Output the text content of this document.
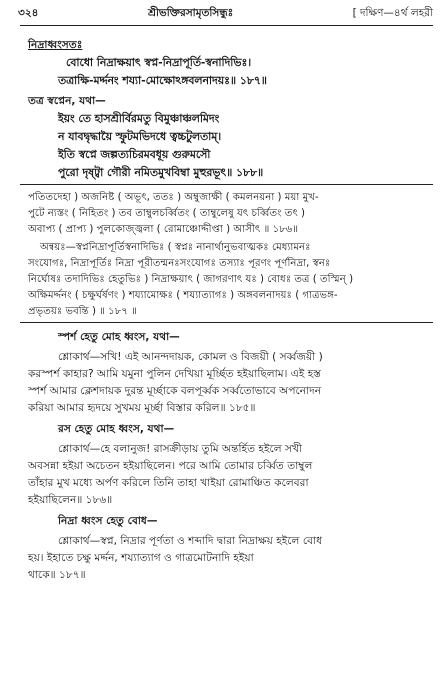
৩২৪	শ্রীভক্তিরসামৃতসিন্ধুঃ	[ দক্ষিণ—৪র্থ লহরী
নিদ্রাধ্বংসতঃ
বোধো নিদ্রাক্ষয়াৎ স্বপ্ন-নিদ্রাপূর্তি-স্বনাদিভিঃ।
তত্রাক্ষি-মর্দ্দনং শয্যা-মোক্ষোঽঙ্গবলনাদয়ঃ॥ ১৮৭॥
তত্র স্বপ্নেন, যথা—
ইয়ং তে হাসশ্রীর্বিরমতু বিমুঞ্চাঞ্চলমিদং
ন যাবদ্বৃদ্ধায়ৈ স্ফুটমভিদধে ত্বচ্চটুলতাম্।
ইতি স্বপ্নে জল্পত্যচিরমবধূয় গুরুমসৌ
পুরো দৃষ্ট্বা গৌরী নমিতমুখবিম্বা মুহুরভূৎ॥ ১৮৮॥
পতিতদেহা ) অজনিষ্ট ( অভূৎ, ততঃ ) অম্বুজাক্ষী ( কমলনয়না ) ময়া মুখ-
পুটে ন্যস্তং ( নিহিতং ) তব তাম্বুলচর্ব্বিতং ( তাম্বুলেষু যৎ চর্ব্বিতং তৎ )
অবাপ্য ( প্রাপ্য ) পুলকোজ্জ্বলা ( রোমাঞ্চোদ্দীপ্তা ) আসীৎ ॥ ১৮৬॥
অন্বয়ঃ—স্বপ্ননিদ্রাপূর্তিস্বনাদিভিঃ ( স্বপ্নঃ নানার্থানুভবাত্মকঃ মেধ্যামনঃ
সংযোগঃ, নিদ্রাপূর্তিঃ নিদ্রা পূরীতন্মনঃসংযোগঃ তস্যাঃ পূরণং পূর্ণনিদ্রা, স্বনঃ
নির্ঘোষঃ তদাদিভিঃ হেতুভিঃ ) নিদ্রাক্ষয়াৎ ( জাগরণাৎ যঃ ) বোধঃ তত্র ( তস্মিন্ )
অক্ষিমর্দ্দনং ( চক্ষুর্ঘর্ষণং ) শয্যামোক্ষঃ ( শয্যাত্যাগঃ ) অঙ্গবলনাদয়ঃ ( গাত্রভঙ্গ-
প্রভৃতয়ঃ ভবন্তি ) ॥ ১৮৭ ॥
স্পর্শ হেতু মোহ ধ্বংস, যথা—
শ্লোকার্থ—সখি! এই আনন্দদায়ক, কোমল ও বিজয়ী ( সর্ব্বজয়ী )
করস্পর্শ কাহার? আমি যমুনা পুলিন দেখিয়া মূর্চ্ছিত হইয়াছিলাম। এই হস্ত
স্পর্শ আমার ক্লেশদায়ক দুরন্ত মূর্চ্ছাকে বলপূর্ব্বক সর্ব্বতোভাবে অপনোদন
করিয়া আমার হৃদয়ে সুখময় মূর্চ্ছা বিস্তার করিল॥ ১৮৫॥
রস হেতু মোহ ধ্বংস, যথা—
শ্লোকার্থ—হে বলানুজ! রাসক্রীড়ায় তুমি অন্তর্হিত হইলে সখী
অবসন্না হইয়া অচেতন হইয়াছিলেন। পরে আমি তোমার চর্ব্বিত তাম্বুল
তাঁহার মুখ মধ্যে অর্পণ করিলে তিনি তাহা খাইয়া রোমাঞ্চিত কলেবরা
হইয়াছিলেন॥ ১৮৬॥
নিদ্রা ধ্বংস হেতু বোধ—
শ্লোকার্থ—স্বপ্ন, নিদ্রার পূর্ণতা ও শব্দাদি দ্বারা নিদ্রাক্ষয় হইলে বোধ
হয়। ইহাতে চক্ষু মর্দ্দন, শয্যাত্যাগ ও গাত্রমোটনাদি হইয়া
থাকে॥ ১৮৭॥
